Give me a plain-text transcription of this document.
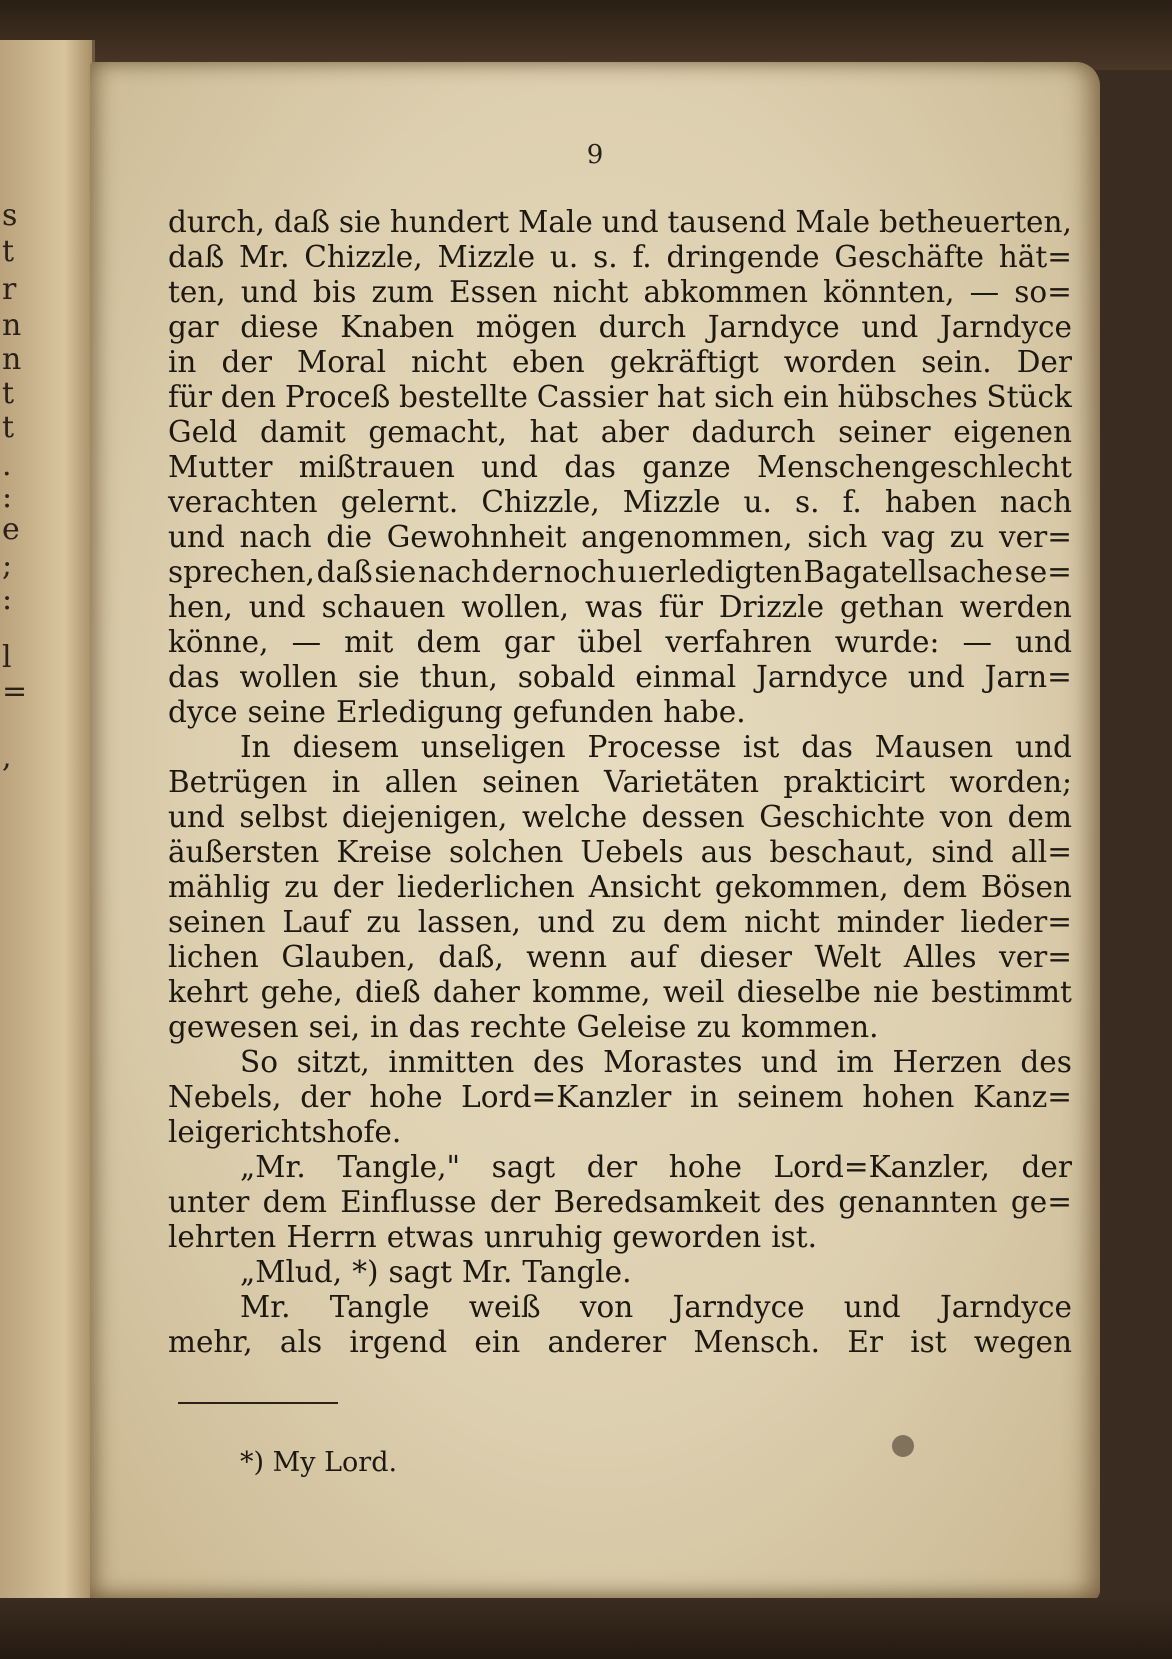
s
t
r
n
n
t
t
.
:
e
;
:
l
=
,
9
durch, daß sie hundert Male und tausend Male betheuerten,
daß Mr. Chizzle, Mizzle u. s. f. dringende Geschäfte hät=
ten, und bis zum Essen nicht abkommen könnten, — so=
gar diese Knaben mögen durch Jarndyce und Jarndyce
in der Moral nicht eben gekräftigt worden sein. Der
für den Proceß bestellte Cassier hat sich ein hübsches Stück
Geld damit gemacht, hat aber dadurch seiner eigenen
Mutter mißtrauen und das ganze Menschengeschlecht
verachten gelernt. Chizzle, Mizzle u. s. f. haben nach
und nach die Gewohnheit angenommen, sich vag zu ver=
sprechen, daß sie nach der noch u ıerledigten Bagatellsache se=
hen, und schauen wollen, was für Drizzle gethan werden
könne, — mit dem gar übel verfahren wurde: — und
das wollen sie thun, sobald einmal Jarndyce und Jarn=
dyce seine Erledigung gefunden habe.
In diesem unseligen Processe ist das Mausen und
Betrügen in allen seinen Varietäten prakticirt worden;
und selbst diejenigen, welche dessen Geschichte von dem
äußersten Kreise solchen Uebels aus beschaut, sind all=
mählig zu der liederlichen Ansicht gekommen, dem Bösen
seinen Lauf zu lassen, und zu dem nicht minder lieder=
lichen Glauben, daß, wenn auf dieser Welt Alles ver=
kehrt gehe, dieß daher komme, weil dieselbe nie bestimmt
gewesen sei, in das rechte Geleise zu kommen.
So sitzt, inmitten des Morastes und im Herzen des
Nebels, der hohe Lord=Kanzler in seinem hohen Kanz=
leigerichtshofe.
„Mr. Tangle," sagt der hohe Lord=Kanzler, der
unter dem Einflusse der Beredsamkeit des genannten ge=
lehrten Herrn etwas unruhig geworden ist.
„Mlud, *) sagt Mr. Tangle.
Mr. Tangle weiß von Jarndyce und Jarndyce
mehr, als irgend ein anderer Mensch. Er ist wegen
*) My Lord.
